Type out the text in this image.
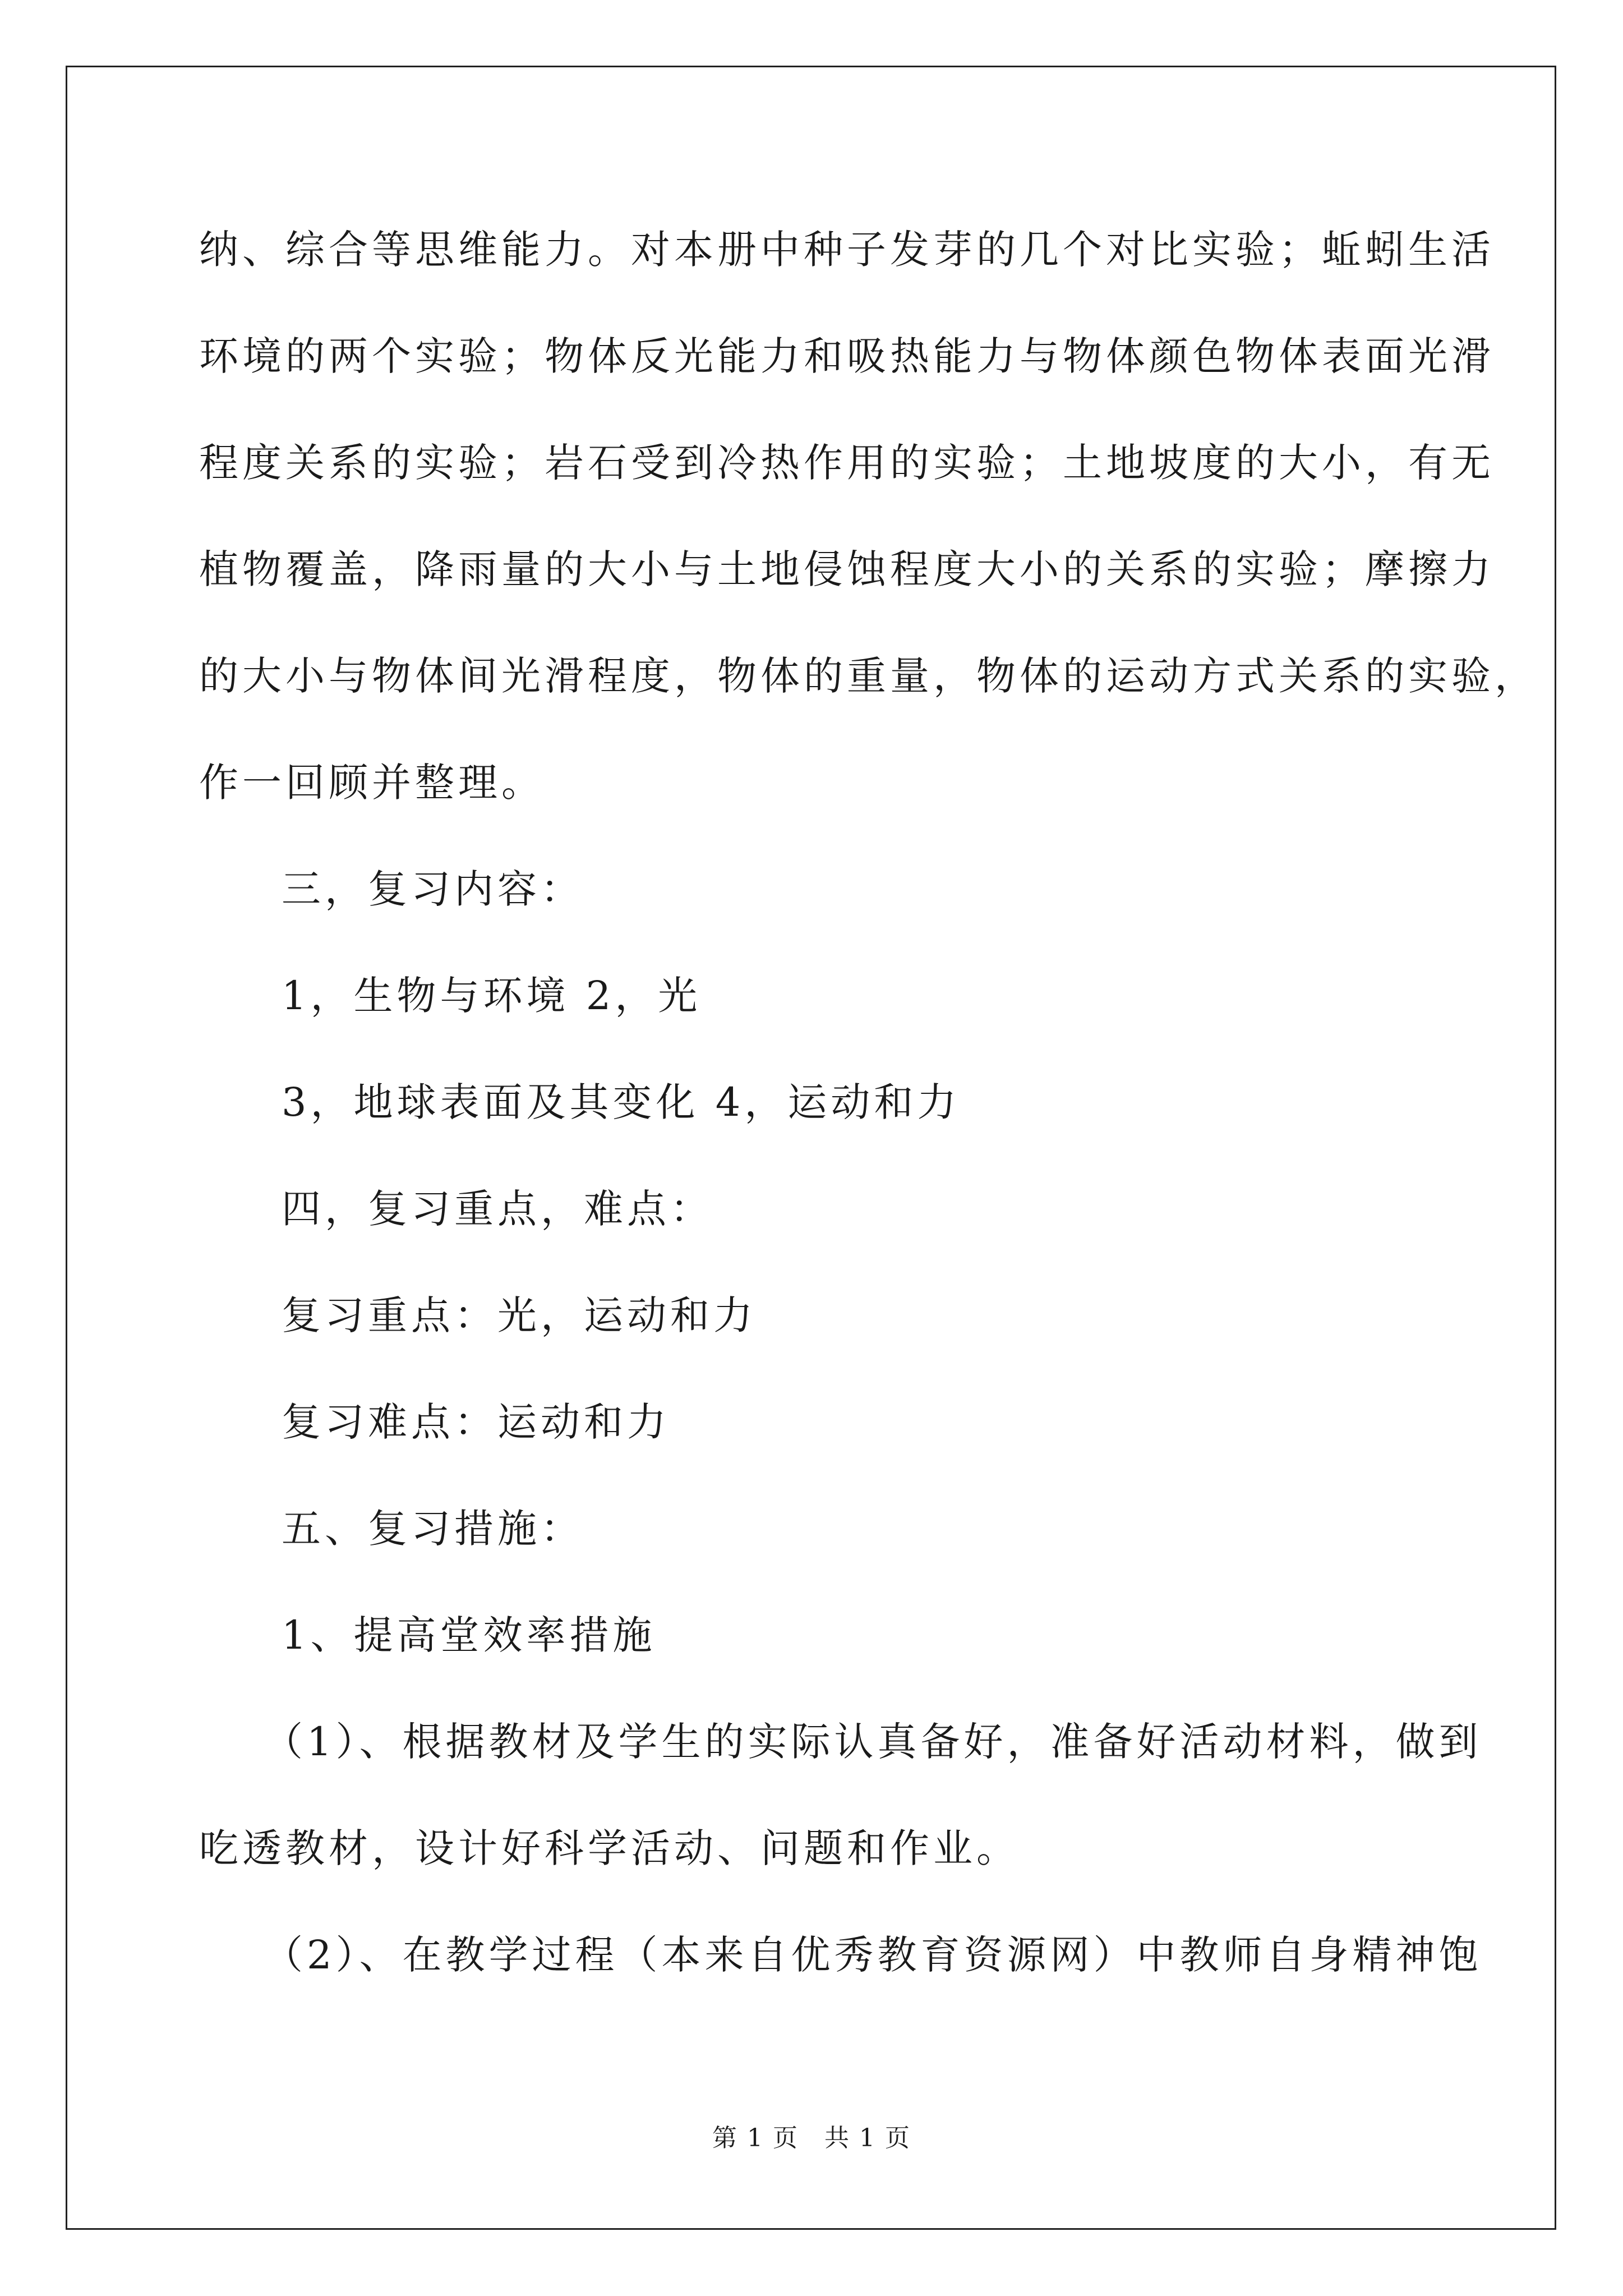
纳、综合等思维能力。对本册中种子发芽的几个对比实验；蚯蚓生活
环境的两个实验；物体反光能力和吸热能力与物体颜色物体表面光滑
程度关系的实验；岩石受到冷热作用的实验；土地坡度的大小，有无
植物覆盖，降雨量的大小与土地侵蚀程度大小的关系的实验；摩擦力
的大小与物体间光滑程度，物体的重量，物体的运动方式关系的实验，
作一回顾并整理。
三，复习内容：
1，生物与环境 2，光
3，地球表面及其变化 4，运动和力
四，复习重点，难点：
复习重点：光，运动和力
复习难点：运动和力
五、复习措施：
1、提高堂效率措施
（1）、根据教材及学生的实际认真备好，准备好活动材料，做到
吃透教材，设计好科学活动、问题和作业。
（2）、在教学过程（本来自优秀教育资源网）中教师自身精神饱
第 1 页　共 1 页
